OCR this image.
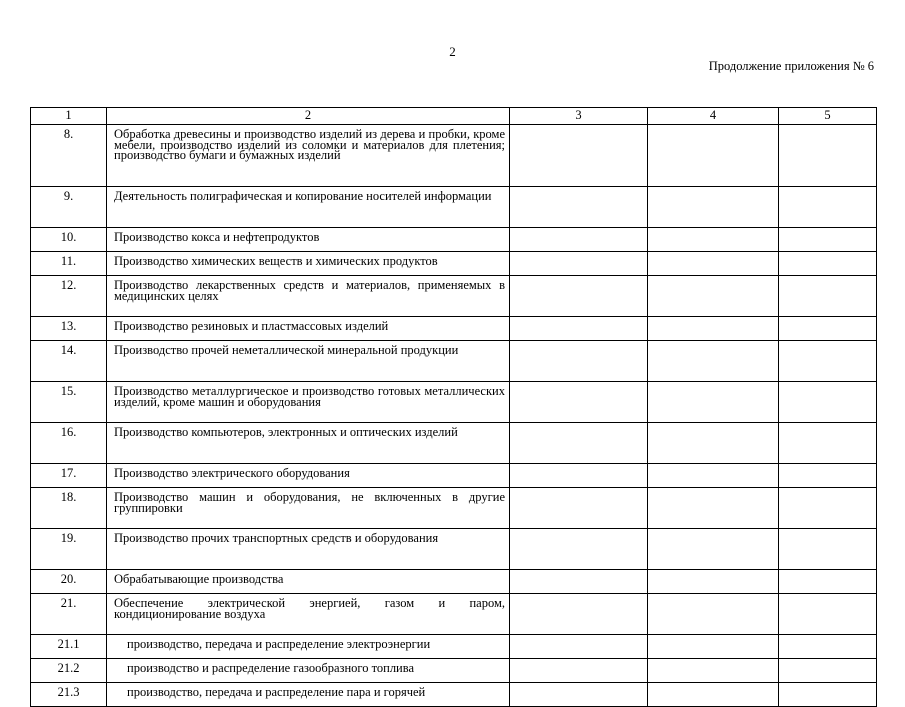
2
Продолжение приложения № 6
1	2	3	4	5
8.	Обработка древесины и производство изделий из дерева и пробки, кроме мебели, производство изделий из соломки и материалов для плетения; производство бумаги и бумажных изделий			
9.	Деятельность полиграфическая и копирование носителей информации			
10.	Производство кокса и нефтепродуктов			
11.	Производство химических веществ и химических продуктов			
12.	Производство лекарственных средств и материалов, применяемых в медицинских целях			
13.	Производство резиновых и пластмассовых изделий			
14.	Производство прочей неметаллической минеральной продукции			
15.	Производство металлургическое и производство готовых металлических изделий, кроме машин и оборудования			
16.	Производство компьютеров, электронных и оптических изделий			
17.	Производство электрического оборудования			
18.	Производство машин и оборудования, не включенных в другие группировки			
19.	Производство прочих транспортных средств и оборудования			
20.	Обрабатывающие производства			
21.	Обеспечение электрической энергией, газом и паром, кондиционирование воздуха			
21.1	производство, передача и распределение электроэнергии			
21.2	производство и распределение газообразного топлива			
21.3	производство, передача и распределение пара и горячей			
